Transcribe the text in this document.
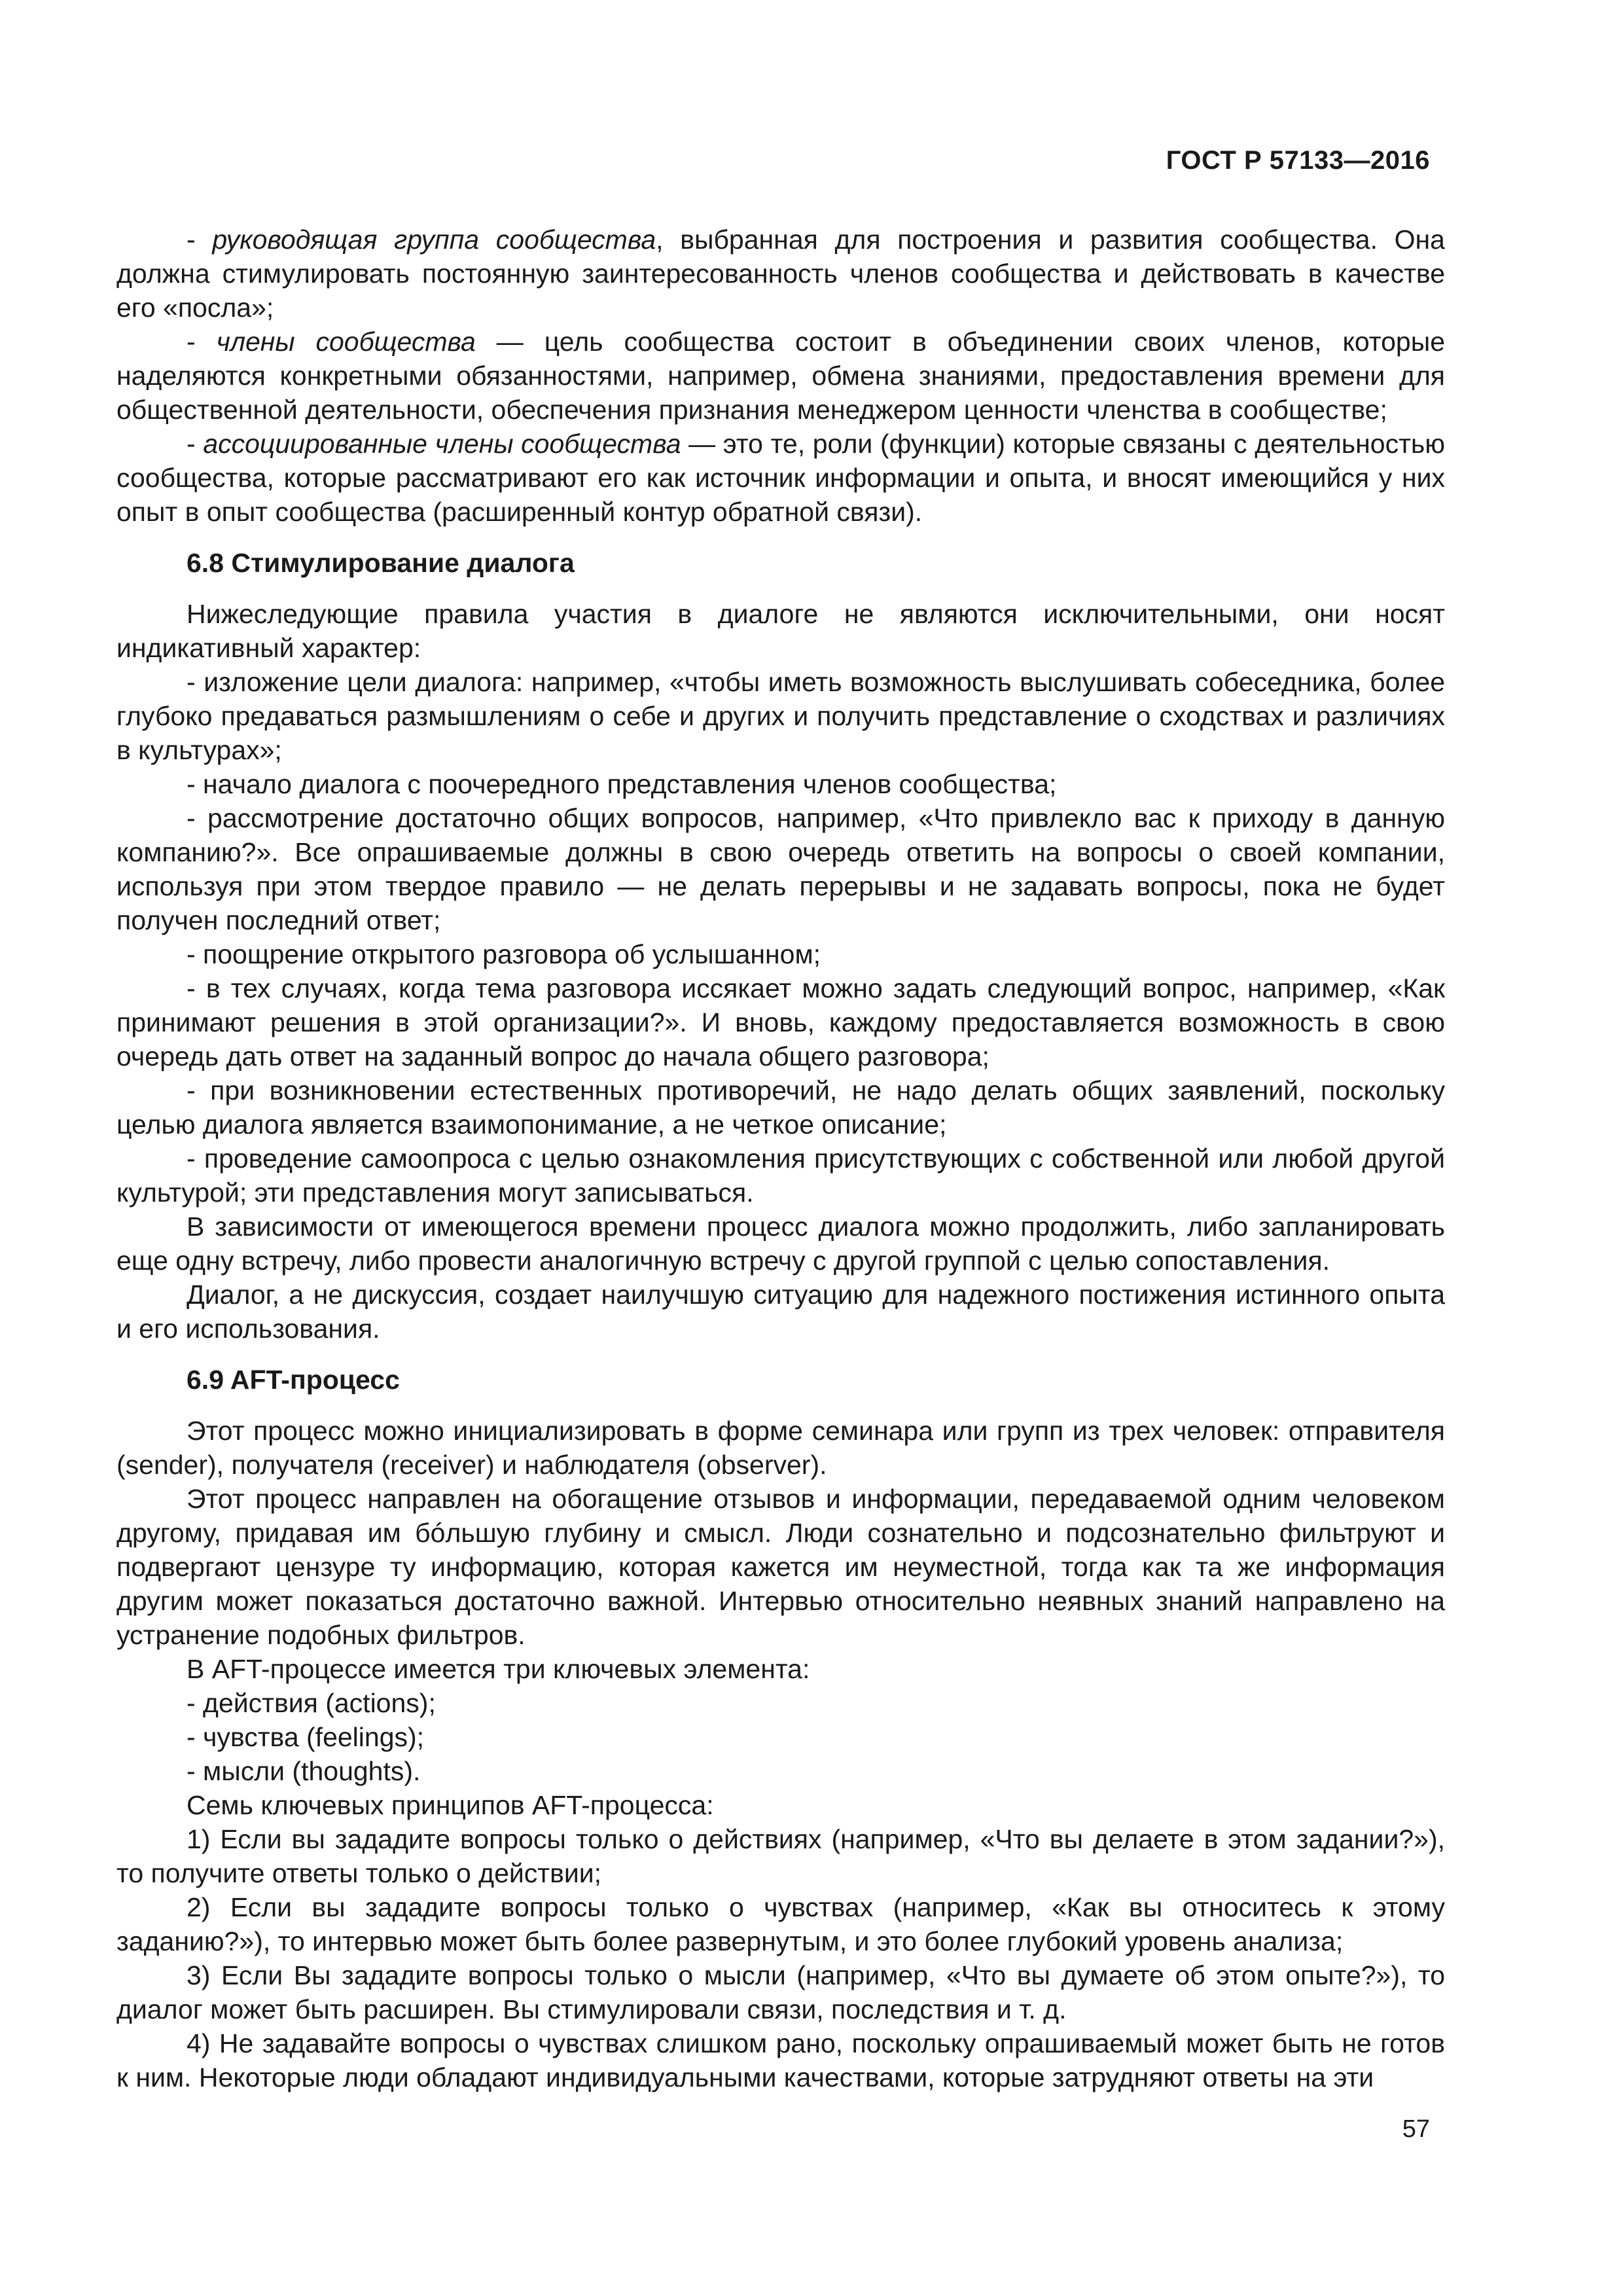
ГОСТ Р 57133—2016

- руководящая группа сообщества, выбранная для построения и развития сообщества. Она должна стимулировать постоянную заинтересованность членов сообщества и действовать в качестве его «посла»;

- члены сообщества — цель сообщества состоит в объединении своих членов, которые наделяются конкретными обязанностями, например, обмена знаниями, предоставления времени для общественной деятельности, обеспечения признания менеджером ценности членства в сообществе;

- ассоциированные члены сообщества — это те, роли (функции) которые связаны с деятельностью сообщества, которые рассматривают его как источник информации и опыта, и вносят имеющийся у них опыт в опыт сообщества (расширенный контур обратной связи).

6.8 Стимулирование диалога

Нижеследующие правила участия в диалоге не являются исключительными, они носят индикативный характер:

- изложение цели диалога: например, «чтобы иметь возможность выслушивать собеседника, более глубоко предаваться размышлениям о себе и других и получить представление о сходствах и различиях в культурах»;

- начало диалога с поочередного представления членов сообщества;

- рассмотрение достаточно общих вопросов, например, «Что привлекло вас к приходу в данную компанию?». Все опрашиваемые должны в свою очередь ответить на вопросы о своей компании, используя при этом твердое правило — не делать перерывы и не задавать вопросы, пока не будет получен последний ответ;

- поощрение открытого разговора об услышанном;

- в тех случаях, когда тема разговора иссякает можно задать следующий вопрос, например, «Как принимают решения в этой организации?». И вновь, каждому предоставляется возможность в свою очередь дать ответ на заданный вопрос до начала общего разговора;

- при возникновении естественных противоречий, не надо делать общих заявлений, поскольку целью диалога является взаимопонимание, а не четкое описание;

- проведение самоопроса с целью ознакомления присутствующих с собственной или любой другой культурой; эти представления могут записываться.

В зависимости от имеющегося времени процесс диалога можно продолжить, либо запланировать еще одну встречу, либо провести аналогичную встречу с другой группой с целью сопоставления.

Диалог, а не дискуссия, создает наилучшую ситуацию для надежного постижения истинного опыта и его использования.

6.9 AFT-процесс

Этот процесс можно инициализировать в форме семинара или групп из трех человек: отправителя (sender), получателя (receiver) и наблюдателя (observer).

Этот процесс направлен на обогащение отзывов и информации, передаваемой одним человеком другому, придавая им бóльшую глубину и смысл. Люди сознательно и подсознательно фильтруют и подвергают цензуре ту информацию, которая кажется им неуместной, тогда как та же информация другим может показаться достаточно важной. Интервью относительно неявных знаний направлено на устранение подобных фильтров.

В AFT-процессе имеется три ключевых элемента:

- действия (actions);

- чувства (feelings);

- мысли (thoughts).

Семь ключевых принципов AFT-процесса:

1) Если вы зададите вопросы только о действиях (например, «Что вы делаете в этом задании?»), то получите ответы только о действии;

2) Если вы зададите вопросы только о чувствах (например, «Как вы относитесь к этому заданию?»), то интервью может быть более развернутым, и это более глубокий уровень анализа;

3) Если Вы зададите вопросы только о мысли (например, «Что вы думаете об этом опыте?»), то диалог может быть расширен. Вы стимулировали связи, последствия и т. д.

4) Не задавайте вопросы о чувствах слишком рано, поскольку опрашиваемый может быть не готов к ним. Некоторые люди обладают индивидуальными качествами, которые затрудняют ответы на эти

57
